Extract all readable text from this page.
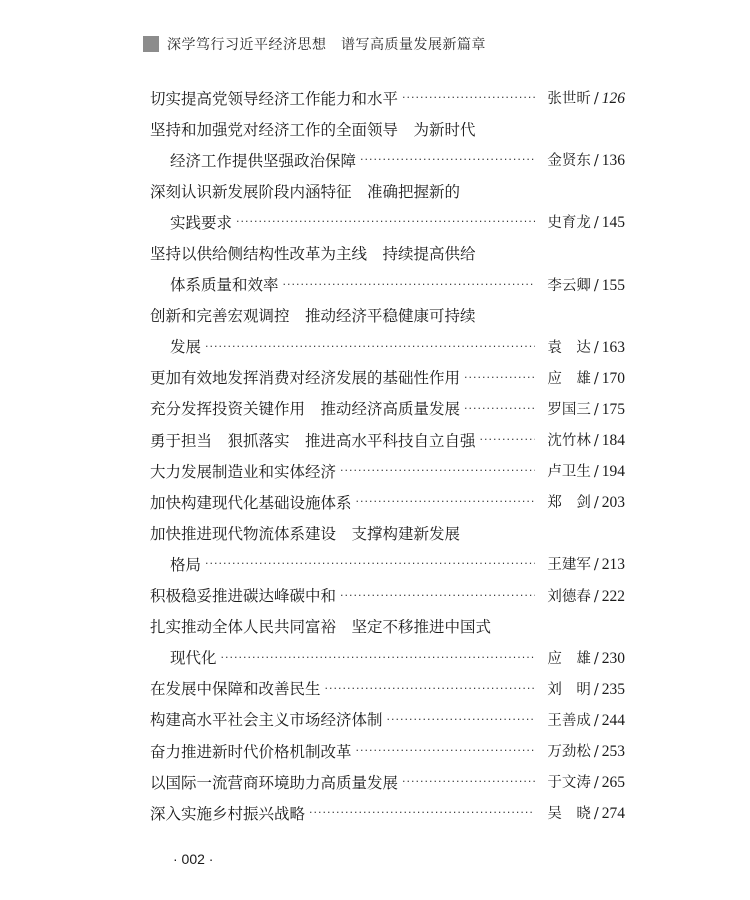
深学笃行习近平经济思想　谱写高质量发展新篇章
切实提高党领导经济工作能力和水平 ·····	张世昕 / 126
坚持和加强党对经济工作的全面领导　为新时代
经济工作提供坚强政治保障 ·····	金贤东 / 136
深刻认识新发展阶段内涵特征　准确把握新的
实践要求 ·····	史育龙 / 145
坚持以供给侧结构性改革为主线　持续提高供给
体系质量和效率 ·····	李云卿 / 155
创新和完善宏观调控　推动经济平稳健康可持续
发展 ·····	袁　达 / 163
更加有效地发挥消费对经济发展的基础性作用 ·····	应　雄 / 170
充分发挥投资关键作用　推动经济高质量发展 ·····	罗国三 / 175
勇于担当　狠抓落实　推进高水平科技自立自强 ·····	沈竹林 / 184
大力发展制造业和实体经济 ·····	卢卫生 / 194
加快构建现代化基础设施体系 ·····	郑　剑 / 203
加快推进现代物流体系建设　支撑构建新发展
格局 ·····	王建军 / 213
积极稳妥推进碳达峰碳中和 ·····	刘德春 / 222
扎实推动全体人民共同富裕　坚定不移推进中国式
现代化 ·····	应　雄 / 230
在发展中保障和改善民生 ·····	刘　明 / 235
构建高水平社会主义市场经济体制 ·····	王善成 / 244
奋力推进新时代价格机制改革 ·····	万劲松 / 253
以国际一流营商环境助力高质量发展 ·····	于文涛 / 265
深入实施乡村振兴战略 ·····	吴　晓 / 274
· 002 ·
